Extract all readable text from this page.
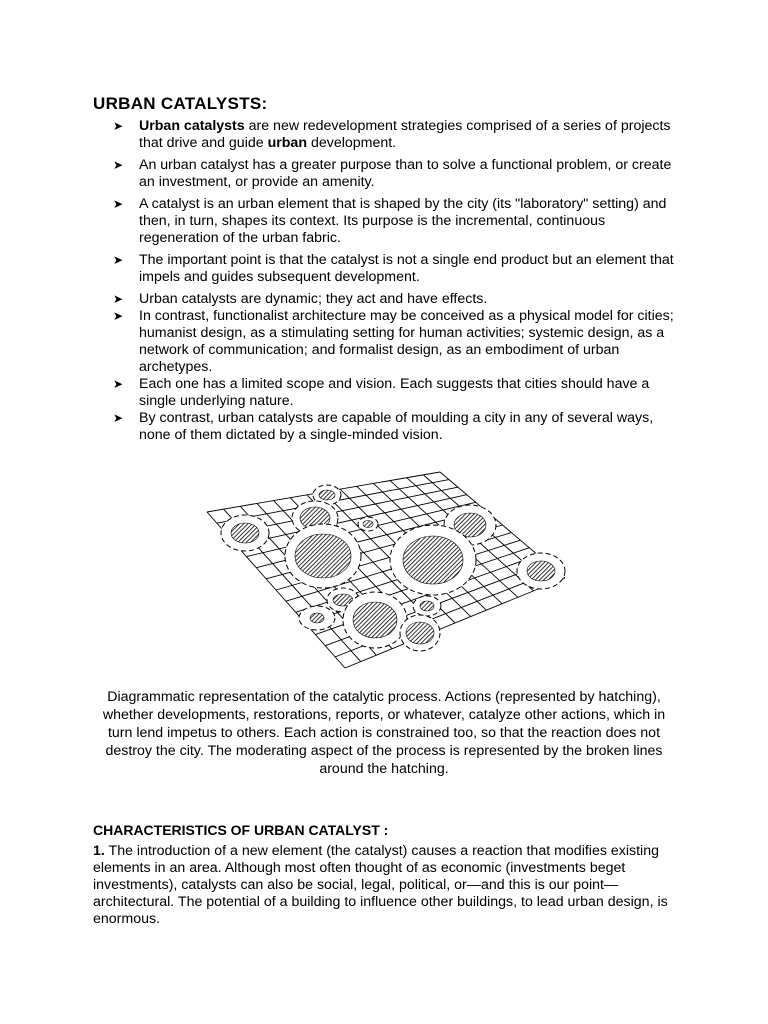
URBAN CATALYSTS:
➤ Urban catalysts are new redevelopment strategies comprised of a series of projects that drive and guide urban development.
➤ An urban catalyst has a greater purpose than to solve a functional problem, or create an investment, or provide an amenity.
➤ A catalyst is an urban element that is shaped by the city (its "laboratory" setting) and then, in turn, shapes its context. Its purpose is the incremental, continuous regeneration of the urban fabric.
➤ The important point is that the catalyst is not a single end product but an element that impels and guides subsequent development.
➤ Urban catalysts are dynamic; they act and have effects.
➤ In contrast, functionalist architecture may be conceived as a physical model for cities; humanist design, as a stimulating setting for human activities; systemic design, as a network of communication; and formalist design, as an embodiment of urban archetypes.
➤ Each one has a limited scope and vision. Each suggests that cities should have a single underlying nature.
➤ By contrast, urban catalysts are capable of moulding a city in any of several ways, none of them dictated by a single-minded vision.
Diagrammatic representation of the catalytic process. Actions (represented by hatching), whether developments, restorations, reports, or whatever, catalyze other actions, which in turn lend impetus to others. Each action is constrained too, so that the reaction does not destroy the city. The moderating aspect of the process is represented by the broken lines around the hatching.
CHARACTERISTICS OF URBAN CATALYST :
1. The introduction of a new element (the catalyst) causes a reaction that modifies existing elements in an area. Although most often thought of as economic (investments beget investments), catalysts can also be social, legal, political, or—and this is our point—architectural. The potential of a building to influence other buildings, to lead urban design, is enormous.
